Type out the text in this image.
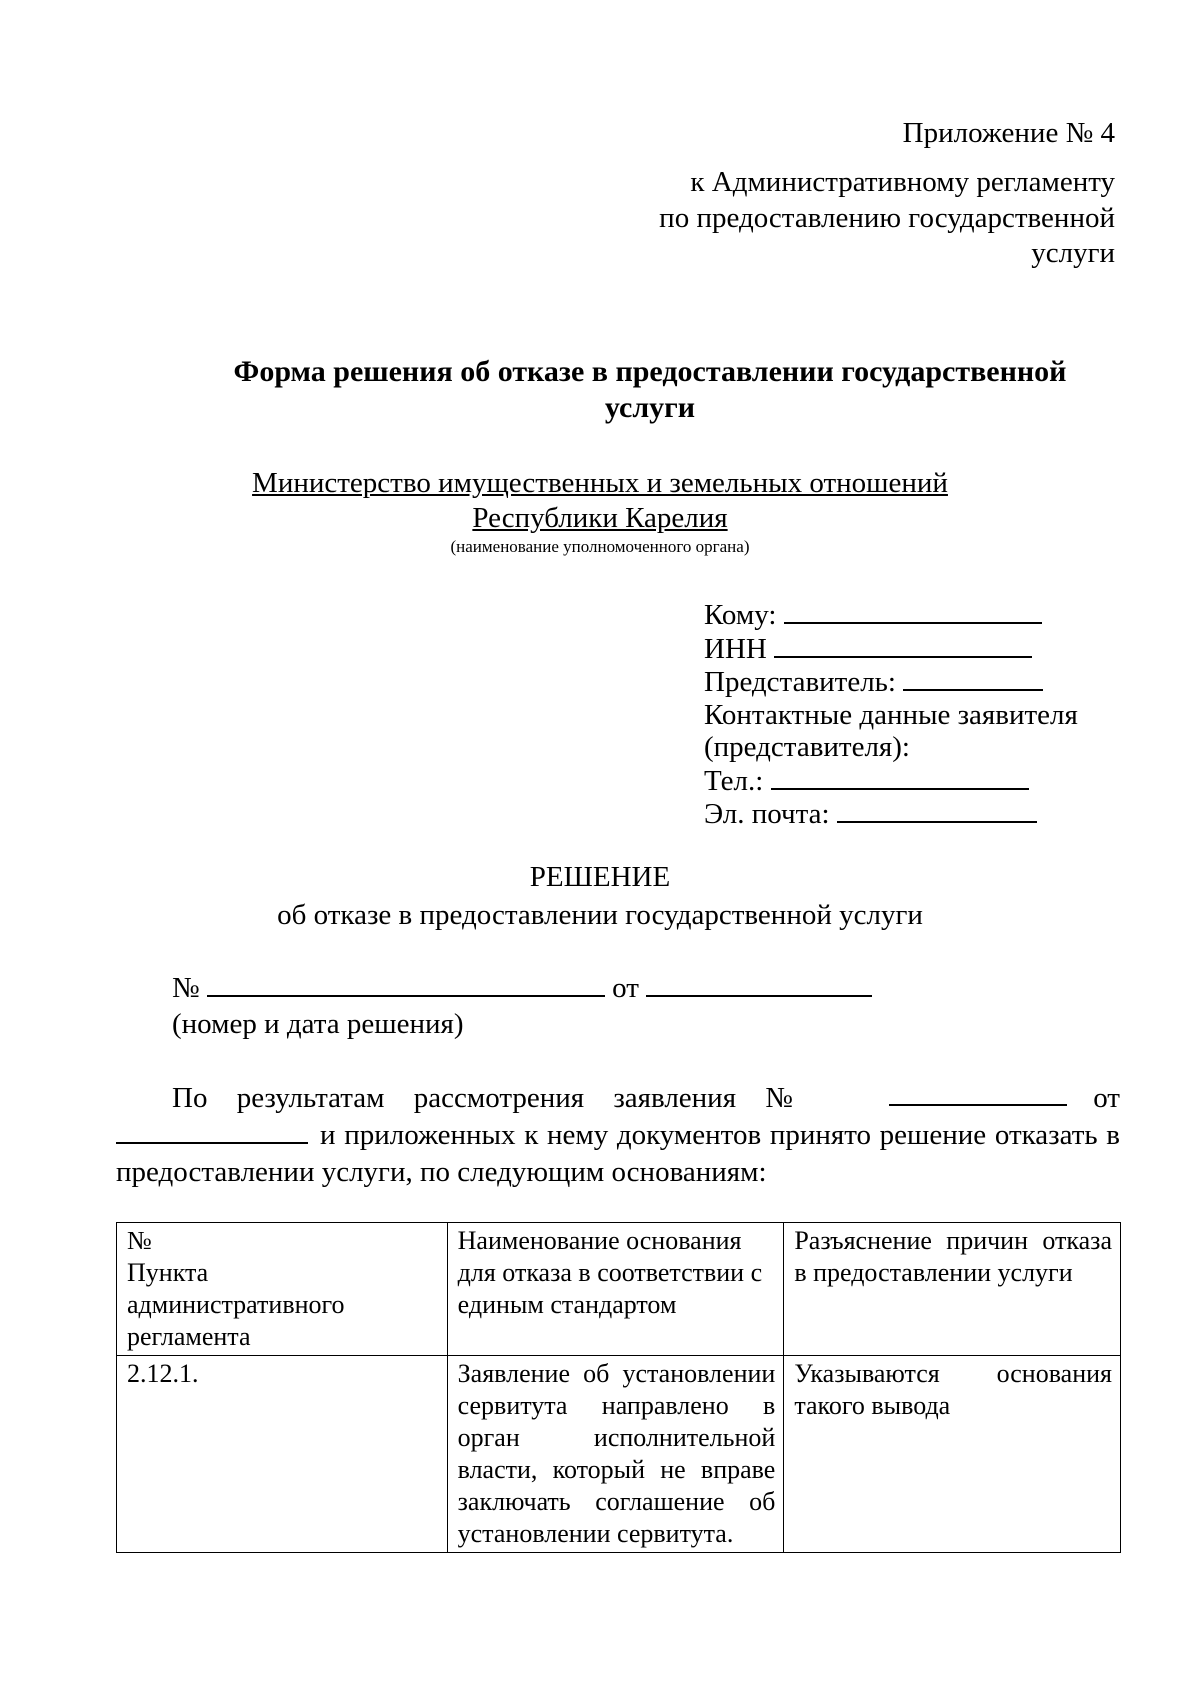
Приложение № 4
к Административному регламенту
по предоставлению государственной
услуги
Форма решения об отказе в предоставлении государственной
услуги
Министерство имущественных и земельных отношений
Республики Карелия
(наименование уполномоченного органа)
Кому:
ИНН
Представитель:
Контактные данные заявителя
(представителя):
Тел.:
Эл. почта:
РЕШЕНИЕ
об отказе в предоставлении государственной услуги
№	от
(номер и дата решения)
По результатам рассмотрения заявления №	от
и приложенных к нему документов принято решение отказать в предоставлении услуги, по следующим основаниям:
№
Пункта
административного
регламента	Наименование основания для отказа в соответствии с единым стандартом	Разъяснение причин отказа в предоставлении услуги

2.12.1.	Заявление об установлении сервитута направлено в орган исполнительной власти, который не вправе заключать соглашение об установлении сервитута.	Указываются основания такого вывода
